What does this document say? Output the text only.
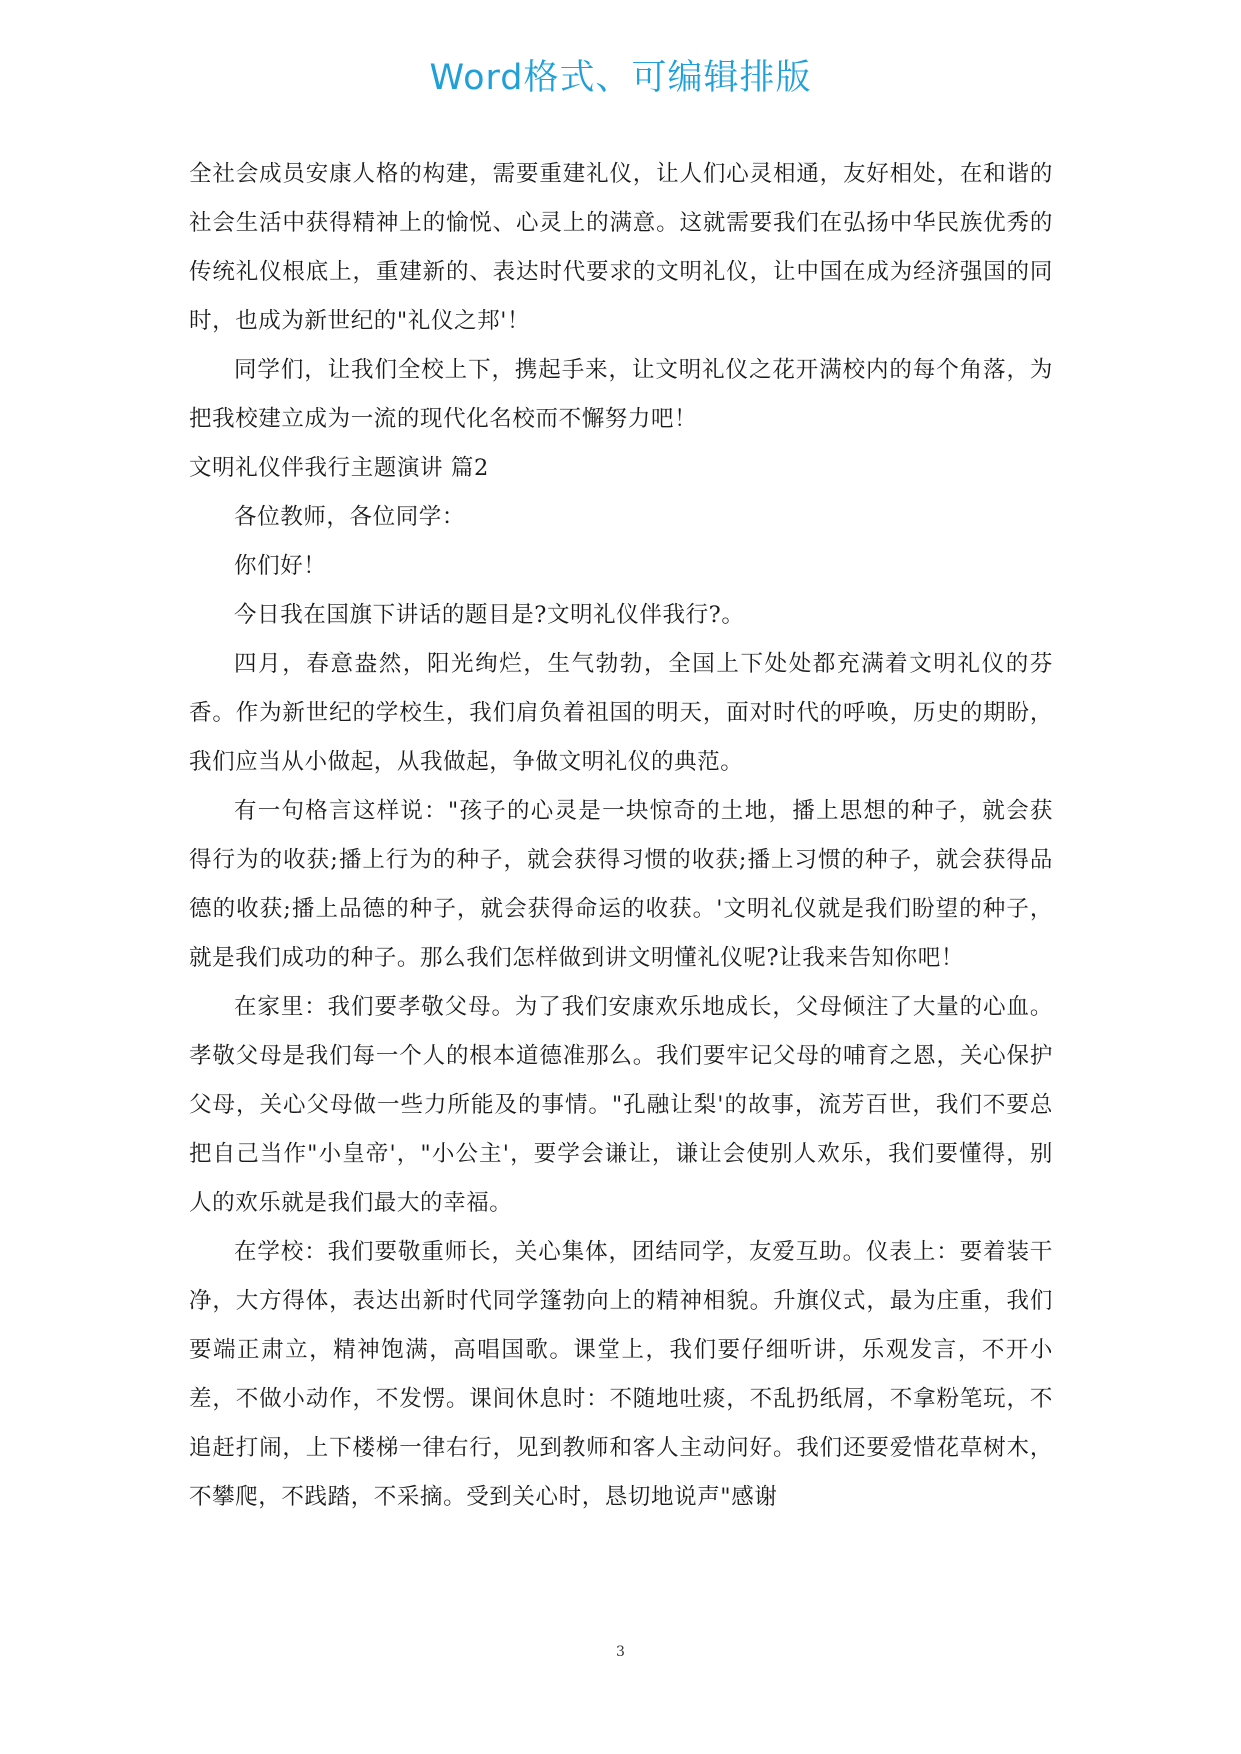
Word格式、可编辑排版

全社会成员安康人格的构建，需要重建礼仪，让人们心灵相通，友好相处，在和谐的社会生活中获得精神上的愉悦、心灵上的满意。这就需要我们在弘扬中华民族优秀的传统礼仪根底上，重建新的、表达时代要求的文明礼仪，让中国在成为经济强国的同时，也成为新世纪的"礼仪之邦'！

同学们，让我们全校上下，携起手来，让文明礼仪之花开满校内的每个角落，为把我校建立成为一流的现代化名校而不懈努力吧！

文明礼仪伴我行主题演讲 篇2

各位教师，各位同学：

你们好！

今日我在国旗下讲话的题目是?文明礼仪伴我行?。

四月，春意盎然，阳光绚烂，生气勃勃，全国上下处处都充满着文明礼仪的芬香。作为新世纪的学校生，我们肩负着祖国的明天，面对时代的呼唤，历史的期盼，我们应当从小做起，从我做起，争做文明礼仪的典范。

有一句格言这样说："孩子的心灵是一块惊奇的土地，播上思想的种子，就会获得行为的收获;播上行为的种子，就会获得习惯的收获;播上习惯的种子，就会获得品德的收获;播上品德的种子，就会获得命运的收获。'文明礼仪就是我们盼望的种子，就是我们成功的种子。那么我们怎样做到讲文明懂礼仪呢?让我来告知你吧！

在家里：我们要孝敬父母。为了我们安康欢乐地成长，父母倾注了大量的心血。孝敬父母是我们每一个人的根本道德准那么。我们要牢记父母的哺育之恩，关心保护父母，关心父母做一些力所能及的事情。"孔融让梨'的故事，流芳百世，我们不要总把自己当作"小皇帝'，"小公主'，要学会谦让，谦让会使别人欢乐，我们要懂得，别人的欢乐就是我们最大的幸福。

在学校：我们要敬重师长，关心集体，团结同学，友爱互助。仪表上：要着装干净，大方得体，表达出新时代同学篷勃向上的精神相貌。升旗仪式，最为庄重，我们要端正肃立，精神饱满，高唱国歌。课堂上，我们要仔细听讲，乐观发言，不开小差，不做小动作，不发愣。课间休息时：不随地吐痰，不乱扔纸屑，不拿粉笔玩，不追赶打闹，上下楼梯一律右行，见到教师和客人主动问好。我们还要爱惜花草树木，不攀爬，不践踏，不采摘。受到关心时，恳切地说声"感谢

3
